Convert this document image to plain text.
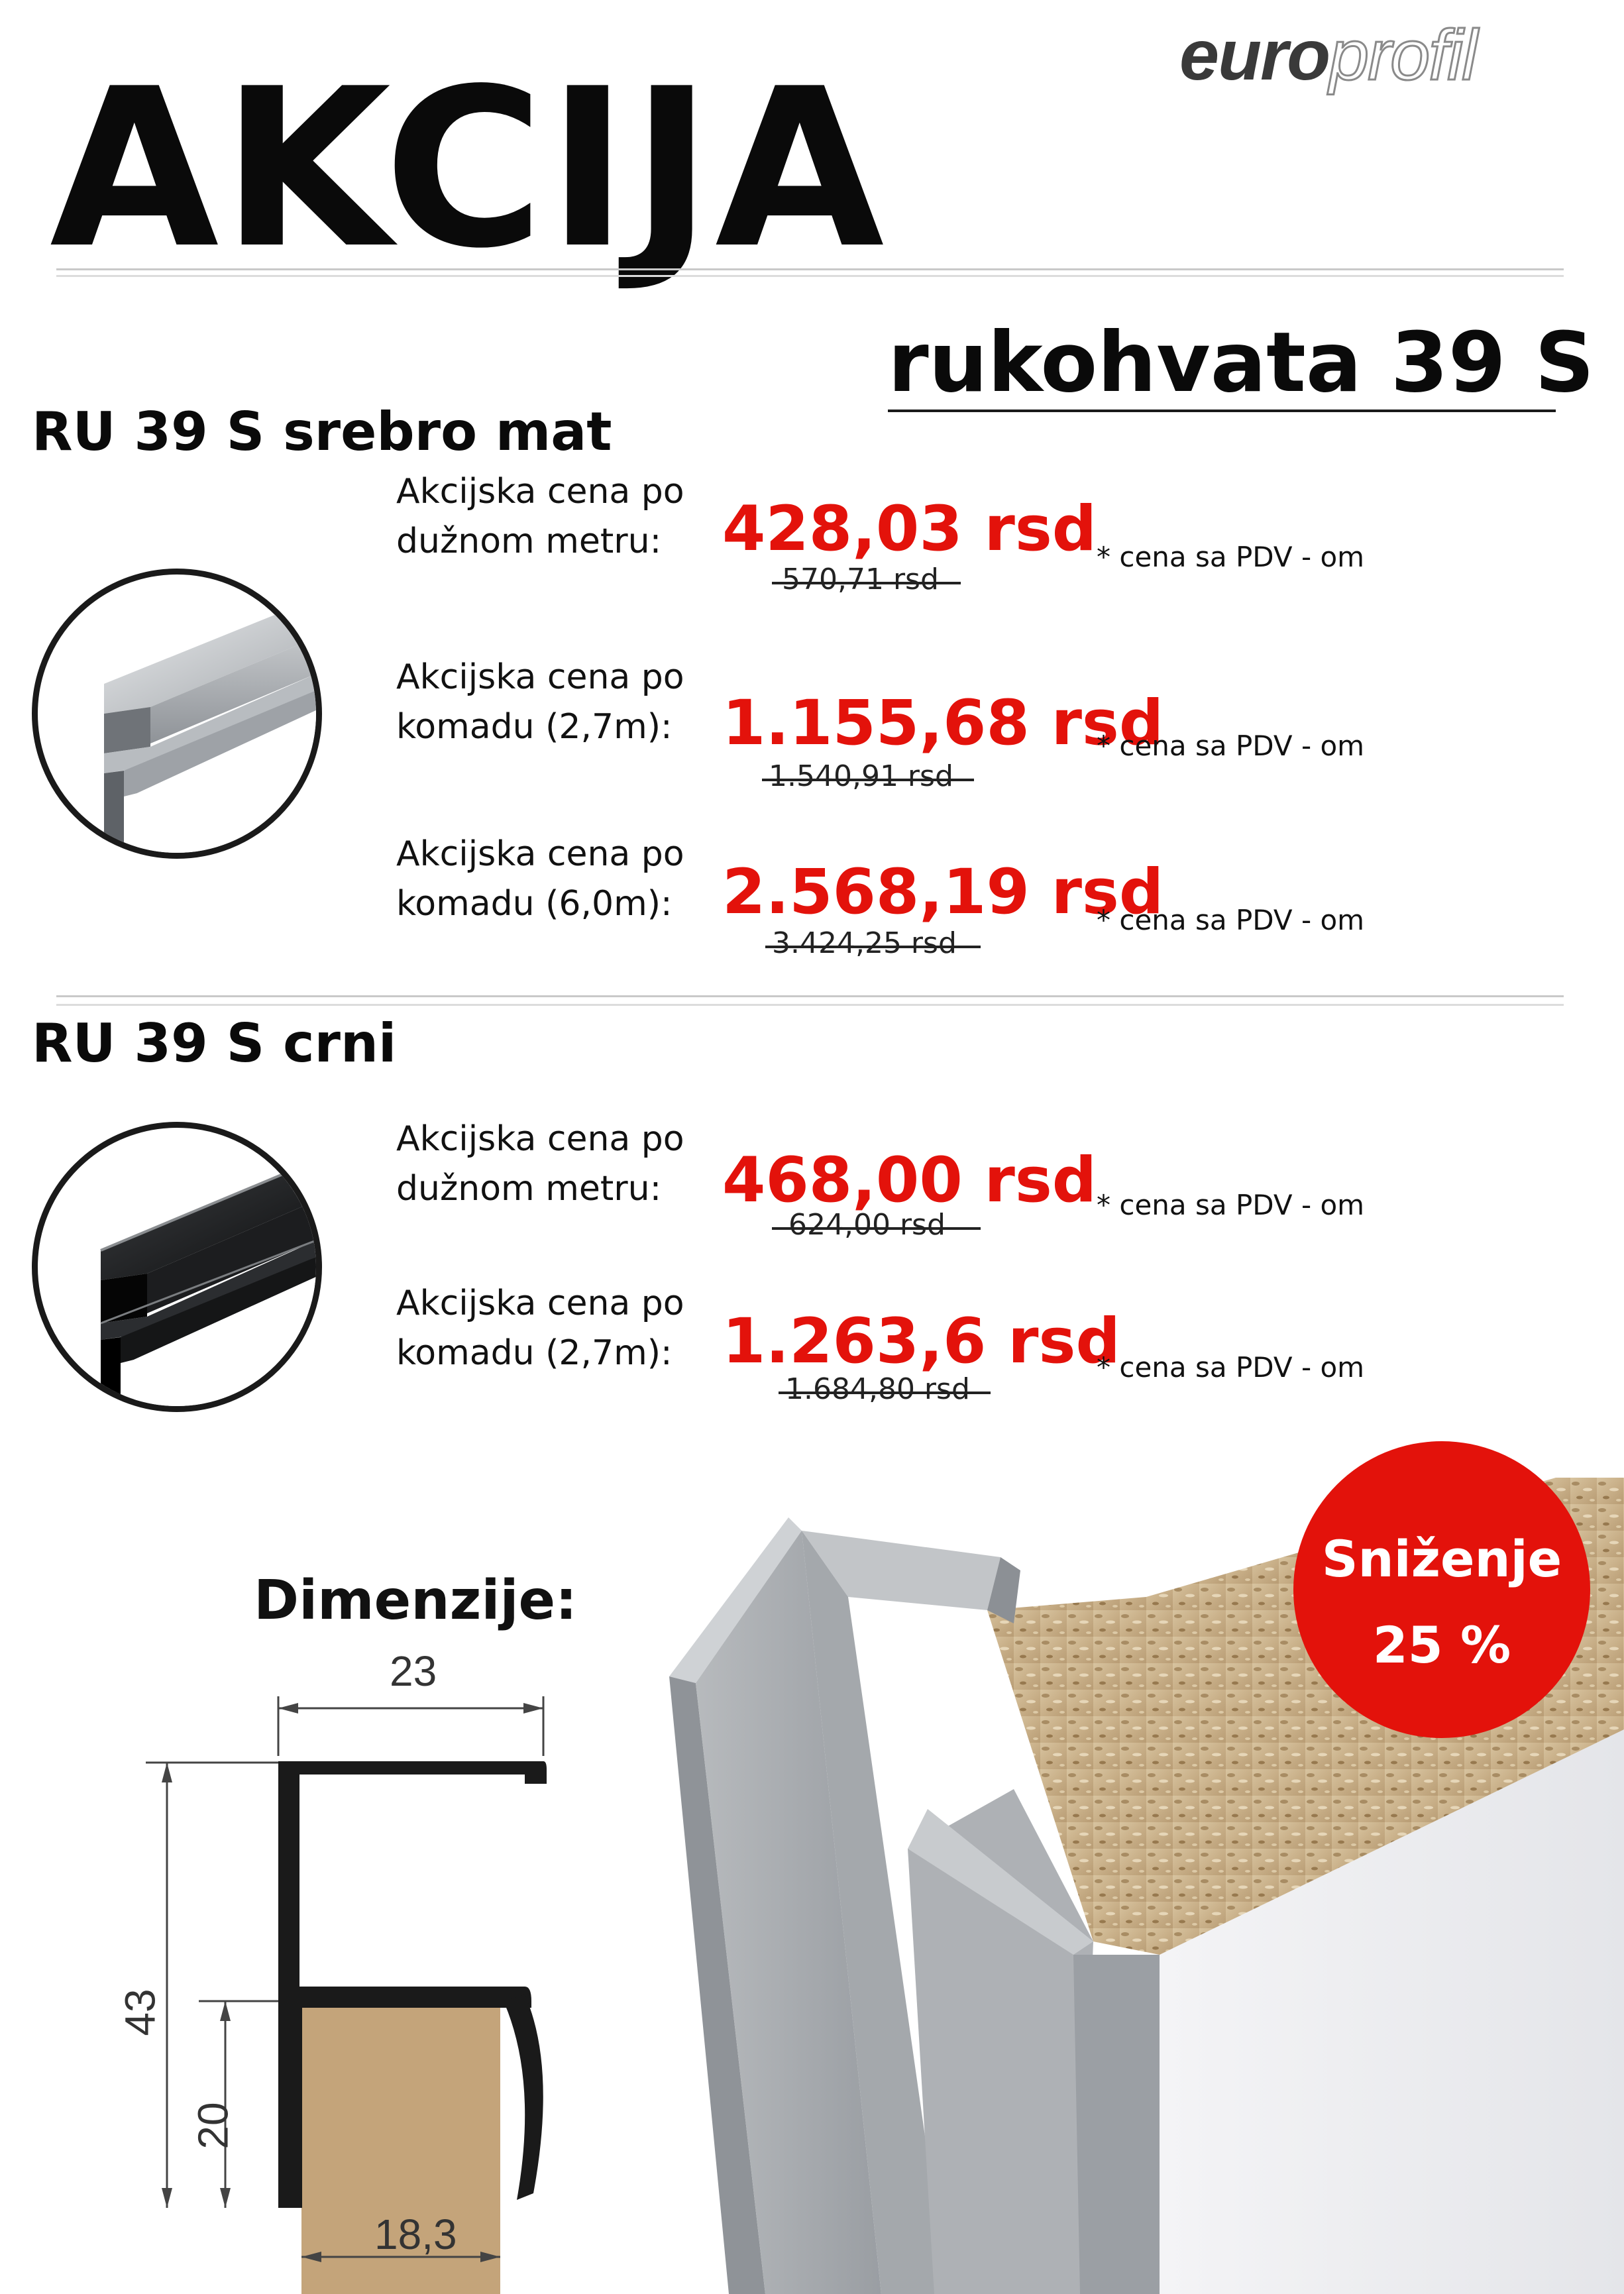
europrofil
AKCIJA
rukohvata 39 S
RU 39 S srebro mat
Akcijska cena po dužnom metru: 428,03 rsd
570,71 rsd
* cena sa PDV - om
Akcijska cena po komadu (2,7m): 1.155,68 rsd
1.540,91 rsd
* cena sa PDV - om
Akcijska cena po komadu (6,0m): 2.568,19 rsd
3.424,25 rsd
* cena sa PDV - om
RU 39 S crni
Akcijska cena po dužnom metru: 468,00 rsd
624,00 rsd
* cena sa PDV - om
Akcijska cena po komadu (2,7m): 1.263,6 rsd
1.684,80 rsd
* cena sa PDV - om
Sniženje
25 %
Dimenzije:
23
43
20
18,3
